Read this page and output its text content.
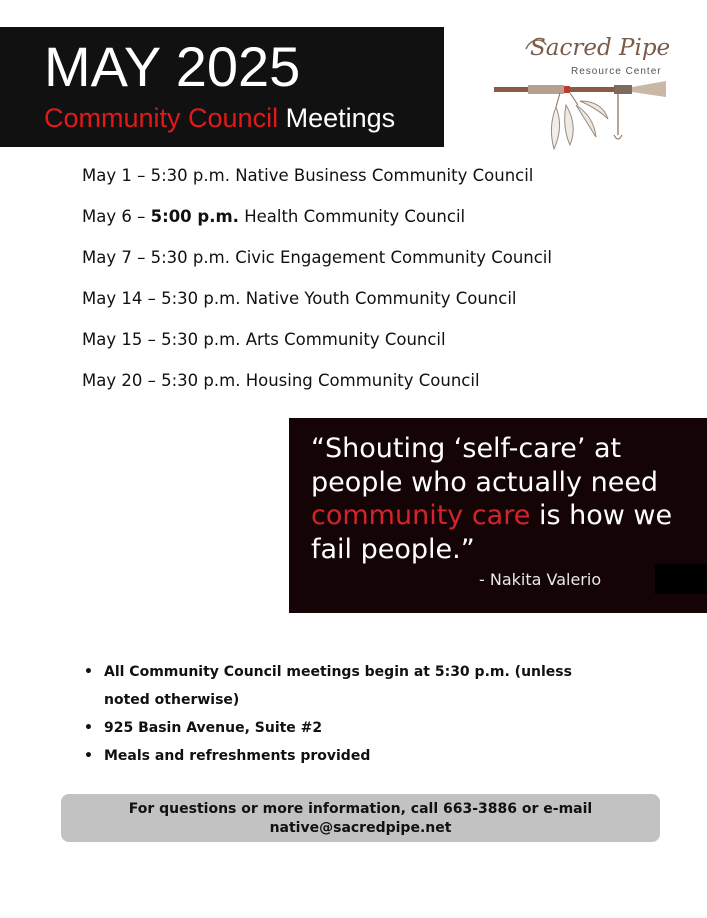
MAY 2025
Community Council Meetings
Sacred Pipe
Resource Center
May 1 – 5:30 p.m. Native Business Community Council
May 6 – 5:00 p.m. Health Community Council
May 7 – 5:30 p.m. Civic Engagement Community Council
May 14 – 5:30 p.m. Native Youth Community Council
May 15 – 5:30 p.m. Arts Community Council
May 20 – 5:30 p.m. Housing Community Council
“Shouting ‘self-care’ at people who actually need community care is how we fail people.”
- Nakita Valerio
• All Community Council meetings begin at 5:30 p.m. (unless noted otherwise)
• 925 Basin Avenue, Suite #2
• Meals and refreshments provided
For questions or more information, call 663-3886 or e-mail
native@sacredpipe.net
